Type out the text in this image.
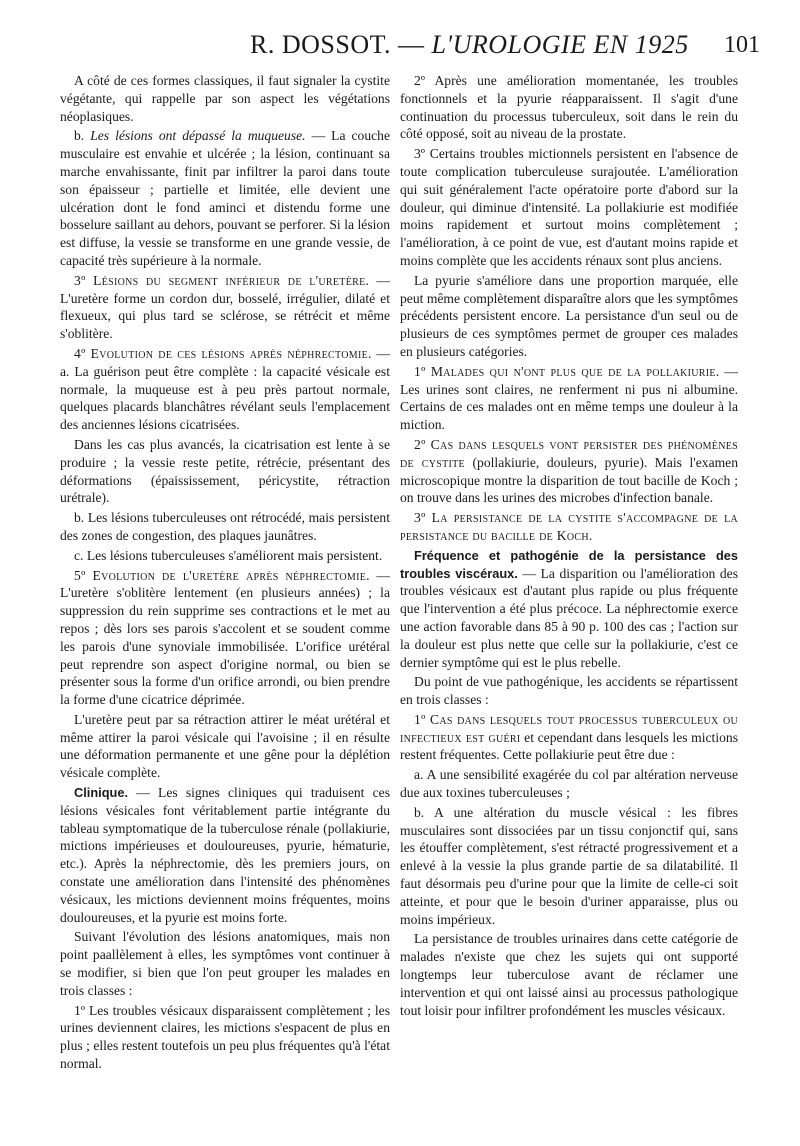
R. DOSSOT. — L'UROLOGIE EN 1925 101

A côté de ces formes classiques, il faut signaler la cystite végétante, qui rappelle par son aspect les végétations néoplasiques.

b. Les lésions ont dépassé la muqueuse. — La couche musculaire est envahie et ulcérée ; la lésion, continuant sa marche envahissante, finit par infiltrer la paroi dans toute son épaisseur ; partielle et limitée, elle devient une ulcération dont le fond aminci et distendu forme une bosselure saillant au dehors, pouvant se perforer. Si la lésion est diffuse, la vessie se transforme en une grande vessie, de capacité très supérieure à la normale.

3º Lésions du segment inférieur de l'uretère. — L'uretère forme un cordon dur, bosselé, irrégulier, dilaté et flexueux, qui plus tard se sclérose, se rétrécit et même s'oblitère.

4º Evolution de ces lésions après néphrectomie. — a. La guérison peut être complète : la capacité vésicale est normale, la muqueuse est à peu près partout normale, quelques placards blanchâtres révélant seuls l'emplacement des anciennes lésions cicatrisées.

Dans les cas plus avancés, la cicatrisation est lente à se produire ; la vessie reste petite, rétrécie, présentant des déformations (épaississement, péricystite, rétraction urétrale).

b. Les lésions tuberculeuses ont rétrocédé, mais persistent des zones de congestion, des plaques jaunâtres.

c. Les lésions tuberculeuses s'améliorent mais persistent.

5º Evolution de l'uretère après néphrectomie. — L'uretère s'oblitère lentement (en plusieurs années) ; la suppression du rein supprime ses contractions et le met au repos ; dès lors ses parois s'accolent et se soudent comme les parois d'une synoviale immobilisée. L'orifice urétéral peut reprendre son aspect d'origine normal, ou bien se présenter sous la forme d'un orifice arrondi, ou bien prendre la forme d'une cicatrice déprimée.

L'uretère peut par sa rétraction attirer le méat urétéral et même attirer la paroi vésicale qui l'avoisine ; il en résulte une déformation permanente et une gêne pour la déplétion vésicale complète.

Clinique. — Les signes cliniques qui traduisent ces lésions vésicales font véritablement partie intégrante du tableau symptomatique de la tuberculose rénale (pollakiurie, mictions impérieuses et douloureuses, pyurie, hématurie, etc.). Après la néphrectomie, dès les premiers jours, on constate une amélioration dans l'intensité des phénomènes vésicaux, les mictions deviennent moins fréquentes, moins douloureuses, et la pyurie est moins forte.

Suivant l'évolution des lésions anatomiques, mais non point paallèlement à elles, les symptômes vont continuer à se modifier, si bien que l'on peut grouper les malades en trois classes :

1º Les troubles vésicaux disparaissent complètement ; les urines deviennent claires, les mictions s'espacent de plus en plus ; elles restent toutefois un peu plus fréquentes qu'à l'état normal.

2º Après une amélioration momentanée, les troubles fonctionnels et la pyurie réapparaissent. Il s'agit d'une continuation du processus tuberculeux, soit dans le rein du côté opposé, soit au niveau de la prostate.

3º Certains troubles mictionnels persistent en l'absence de toute complication tuberculeuse surajoutée. L'amélioration qui suit généralement l'acte opératoire porte d'abord sur la douleur, qui diminue d'intensité. La pollakiurie est modifiée moins rapidement et surtout moins complètement ; l'amélioration, à ce point de vue, est d'autant moins rapide et moins complète que les accidents rénaux sont plus anciens.

La pyurie s'améliore dans une proportion marquée, elle peut même complètement disparaître alors que les symptômes précédents persistent encore. La persistance d'un seul ou de plusieurs de ces symptômes permet de grouper ces malades en plusieurs catégories.

1º Malades qui n'ont plus que de la pollakiurie. — Les urines sont claires, ne renferment ni pus ni albumine. Certains de ces malades ont en même temps une douleur à la miction.

2º Cas dans lesquels vont persister des phénomènes de cystite (pollakiurie, douleurs, pyurie). Mais l'examen microscopique montre la disparition de tout bacille de Koch ; on trouve dans les urines des microbes d'infection banale.

3º La persistance de la cystite s'accompagne de la persistance du bacille de Koch.

Fréquence et pathogénie de la persistance des troubles viscéraux. — La disparition ou l'amélioration des troubles vésicaux est d'autant plus rapide ou plus fréquente que l'intervention a été plus précoce. La néphrectomie exerce une action favorable dans 85 à 90 p. 100 des cas ; l'action sur la douleur est plus nette que celle sur la pollakiurie, c'est ce dernier symptôme qui est le plus rebelle.

Du point de vue pathogénique, les accidents se répartissent en trois classes :

1º Cas dans lesquels tout processus tuberculeux ou infectieux est guéri et cependant dans lesquels les mictions restent fréquentes. Cette pollakiurie peut être due :

a. A une sensibilité exagérée du col par altération nerveuse due aux toxines tuberculeuses ;

b. A une altération du muscle vésical : les fibres musculaires sont dissociées par un tissu conjonctif qui, sans les étouffer complètement, s'est rétracté progressivement et a enlevé à la vessie la plus grande partie de sa dilatabilité. Il faut désormais peu d'urine pour que la limite de celle-ci soit atteinte, et pour que le besoin d'uriner apparaisse, plus ou moins impérieux.

La persistance de troubles urinaires dans cette catégorie de malades n'existe que chez les sujets qui ont supporté longtemps leur tuberculose avant de réclamer une intervention et qui ont laissé ainsi au processus pathologique tout loisir pour infiltrer profondément les muscles vésicaux.
